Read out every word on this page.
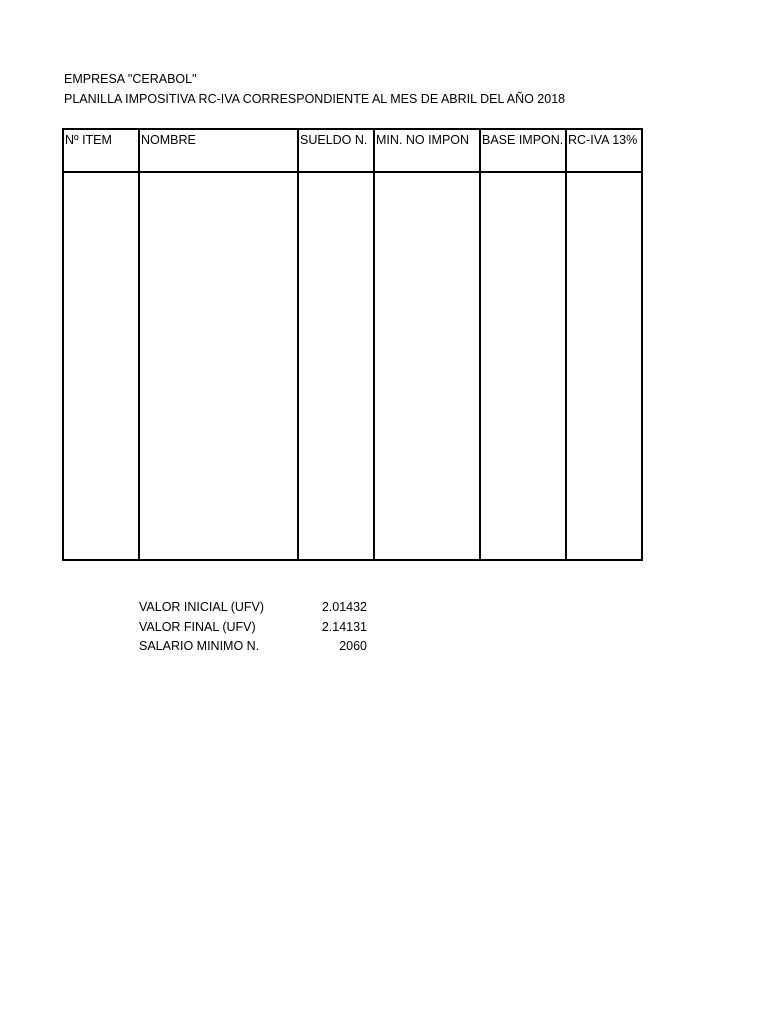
EMPRESA "CERABOL"
PLANILLA IMPOSITIVA RC-IVA CORRESPONDIENTE AL MES DE ABRIL DEL AÑO 2018
Nº ITEM	NOMBRE	SUELDO N.	MIN. NO IMPON	BASE IMPON.	RC-IVA 13%

VALOR INICIAL (UFV)	2.01432
VALOR FINAL (UFV)	2.14131
SALARIO MINIMO N.	2060
